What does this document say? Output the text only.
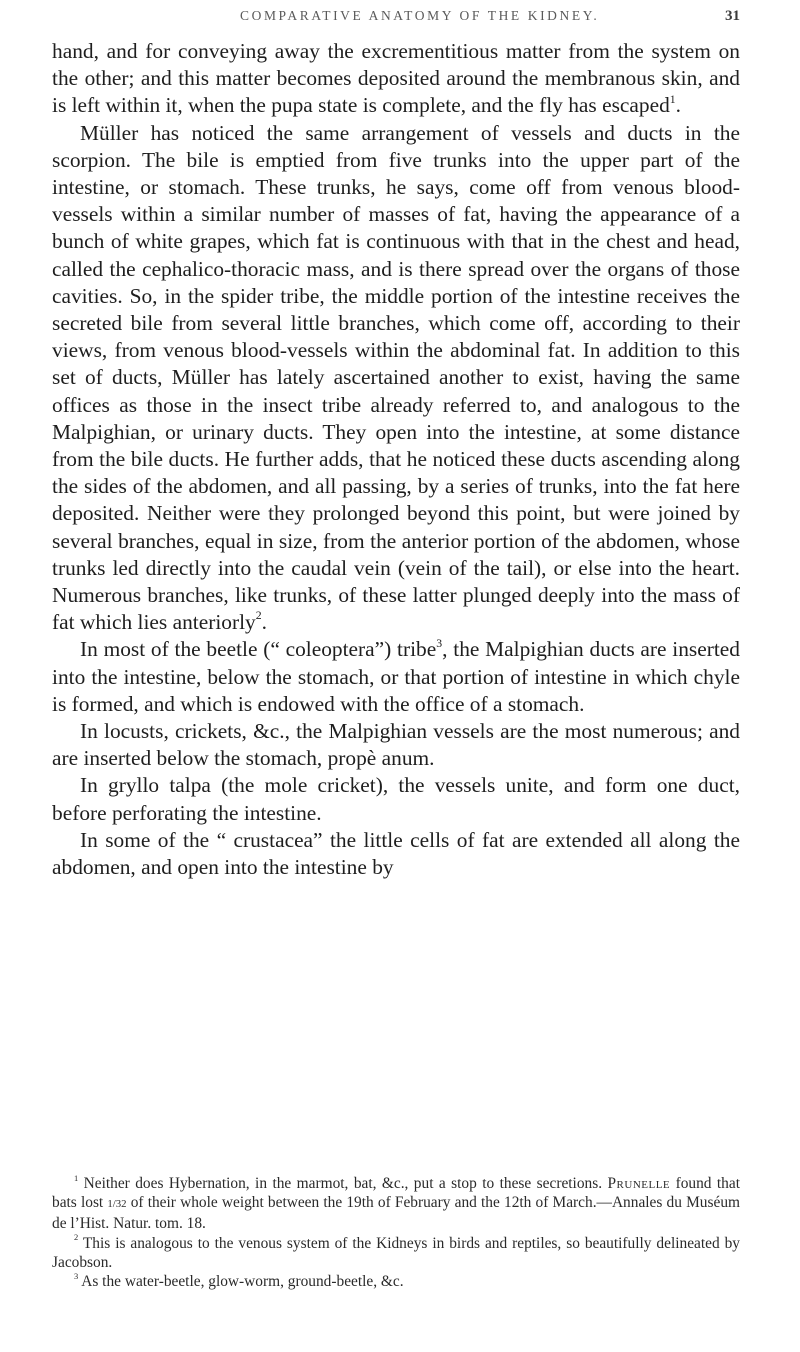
COMPARATIVE ANATOMY OF THE KIDNEY.	31

hand, and for conveying away the excrementitious matter from the system on the other; and this matter becomes deposited around the membranous skin, and is left within it, when the pupa state is complete, and the fly has escaped$^1$.

Müller has noticed the same arrangement of vessels and ducts in the scorpion. The bile is emptied from five trunks into the upper part of the intestine, or stomach. These trunks, he says, come off from venous blood-vessels within a similar number of masses of fat, having the appearance of a bunch of white grapes, which fat is continuous with that in the chest and head, called the cephalico-thoracic mass, and is there spread over the organs of those cavities. So, in the spider tribe, the middle portion of the intestine receives the secreted bile from several little branches, which come off, according to their views, from venous blood-vessels within the abdominal fat. In addition to this set of ducts, Müller has lately ascertained another to exist, having the same offices as those in the insect tribe already referred to, and analogous to the Malpighian, or urinary ducts. They open into the intestine, at some distance from the bile ducts. He further adds, that he noticed these ducts ascending along the sides of the abdomen, and all passing, by a series of trunks, into the fat here deposited. Neither were they prolonged beyond this point, but were joined by several branches, equal in size, from the anterior portion of the abdomen, whose trunks led directly into the caudal vein (vein of the tail), or else into the heart. Numerous branches, like trunks, of these latter plunged deeply into the mass of fat which lies anteriorly$^2$.

In most of the beetle (“ coleoptera”) tribe$^3$, the Malpighian ducts are inserted into the intestine, below the stomach, or that portion of intestine in which chyle is formed, and which is endowed with the office of a stomach.

In locusts, crickets, &c., the Malpighian vessels are the most numerous; and are inserted below the stomach, propè anum.

In gryllo talpa (the mole cricket), the vessels unite, and form one duct, before perforating the intestine.

In some of the “ crustacea” the little cells of fat are extended all along the abdomen, and open into the intestine by

$^1$ Neither does Hybernation, in the marmot, bat, &c., put a stop to these secretions. Prunelle found that bats lost 1/32 of their whole weight between the 19th of February and the 12th of March.—Annales du Muséum de l’Hist. Natur. tom. 18.

$^2$ This is analogous to the venous system of the Kidneys in birds and reptiles, so beautifully delineated by Jacobson.

$^3$ As the water-beetle, glow-worm, ground-beetle, &c.
